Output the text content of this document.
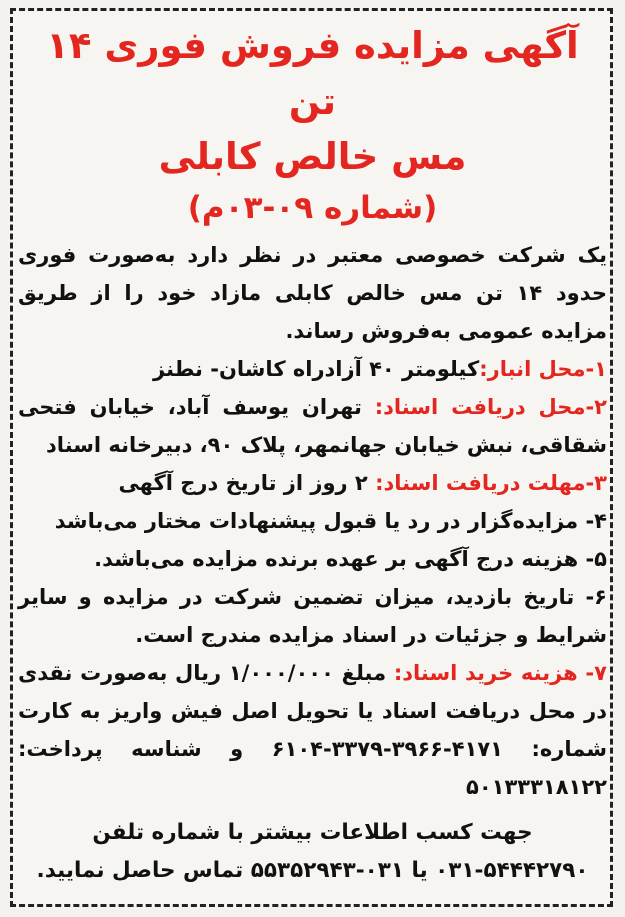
آگهی مزایده فروش فوری ۱۴ تن
مس خالص کابلی
(شماره ۰۹-۰۳م)
یک شرکت خصوصی معتبر در نظر دارد به‌صورت فوری حدود ۱۴ تن مس خالص کابلی مازاد خود را از طریق مزایده عمومی به‌فروش رساند.
۱-محل انبار:کیلومتر ۴۰ آزادراه کاشان- نطنز
۲-محل دریافت اسناد: تهران یوسف آباد، خیابان فتحی شقاقی، نبش خیابان جهانمهر، پلاک ۹۰، دبیرخانه اسناد
۳-مهلت دریافت اسناد: ۲ روز از تاریخ درج آگهی
۴- مزایده‌گزار در رد یا قبول پیشنهادات مختار می‌باشد
۵- هزینه درج آگهی بر عهده برنده مزایده می‌باشد.
۶- تاریخ بازدید، میزان تضمین شرکت در مزایده و سایر شرایط و جزئیات در اسناد مزایده مندرج است.
۷- هزینه خرید اسناد: مبلغ ۱/۰۰۰/۰۰۰ ریال به‌صورت نقدی در محل دریافت اسناد یا تحویل اصل فیش واریز به کارت شماره: ۴۱۷۱-۳۹۶۶-۳۳۷۹-۶۱۰۴ و شناسه پرداخت: ۵۰۱۳۳۳۱۸۱۲۲
جهت کسب اطلاعات بیشتر با شماره تلفن
۰۳۱-۵۴۴۴۲۷۹۰ یا ۰۳۱-۵۵۳۵۲۹۴۳ تماس حاصل نمایید.
